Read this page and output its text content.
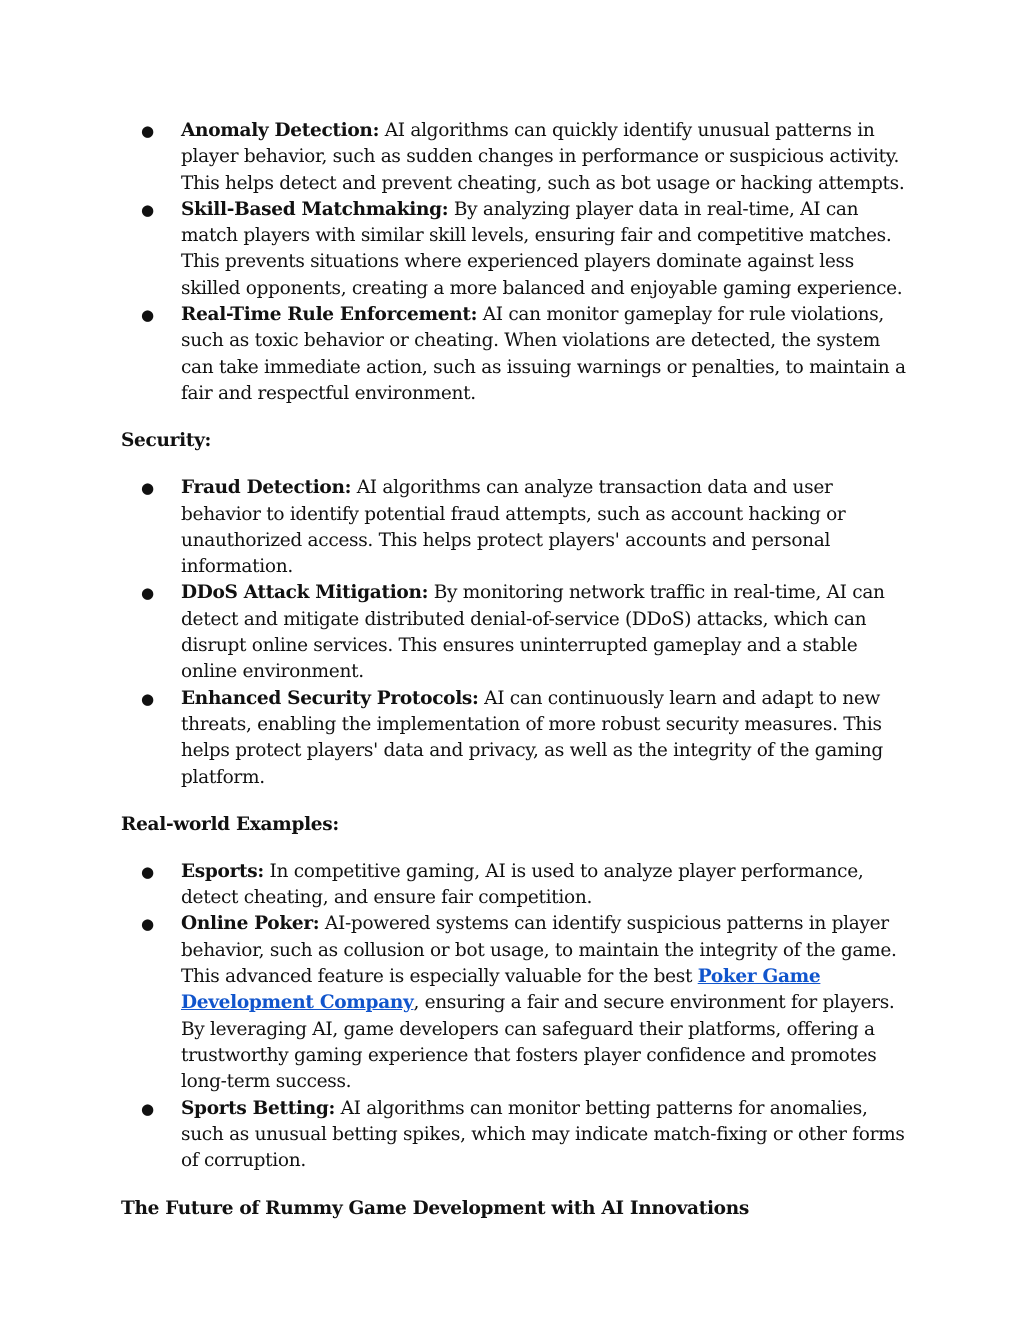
● Anomaly Detection: AI algorithms can quickly identify unusual patterns in player behavior, such as sudden changes in performance or suspicious activity. This helps detect and prevent cheating, such as bot usage or hacking attempts.
● Skill-Based Matchmaking: By analyzing player data in real-time, AI can match players with similar skill levels, ensuring fair and competitive matches. This prevents situations where experienced players dominate against less skilled opponents, creating a more balanced and enjoyable gaming experience.
● Real-Time Rule Enforcement: AI can monitor gameplay for rule violations, such as toxic behavior or cheating. When violations are detected, the system can take immediate action, such as issuing warnings or penalties, to maintain a fair and respectful environment.

Security:

● Fraud Detection: AI algorithms can analyze transaction data and user behavior to identify potential fraud attempts, such as account hacking or unauthorized access. This helps protect players' accounts and personal information.
● DDoS Attack Mitigation: By monitoring network traffic in real-time, AI can detect and mitigate distributed denial-of-service (DDoS) attacks, which can disrupt online services. This ensures uninterrupted gameplay and a stable online environment.
● Enhanced Security Protocols: AI can continuously learn and adapt to new threats, enabling the implementation of more robust security measures. This helps protect players' data and privacy, as well as the integrity of the gaming platform.

Real-world Examples:

● Esports: In competitive gaming, AI is used to analyze player performance, detect cheating, and ensure fair competition.
● Online Poker: AI-powered systems can identify suspicious patterns in player behavior, such as collusion or bot usage, to maintain the integrity of the game. This advanced feature is especially valuable for the best Poker Game Development Company, ensuring a fair and secure environment for players. By leveraging AI, game developers can safeguard their platforms, offering a trustworthy gaming experience that fosters player confidence and promotes long-term success.
● Sports Betting: AI algorithms can monitor betting patterns for anomalies, such as unusual betting spikes, which may indicate match-fixing or other forms of corruption.

The Future of Rummy Game Development with AI Innovations
